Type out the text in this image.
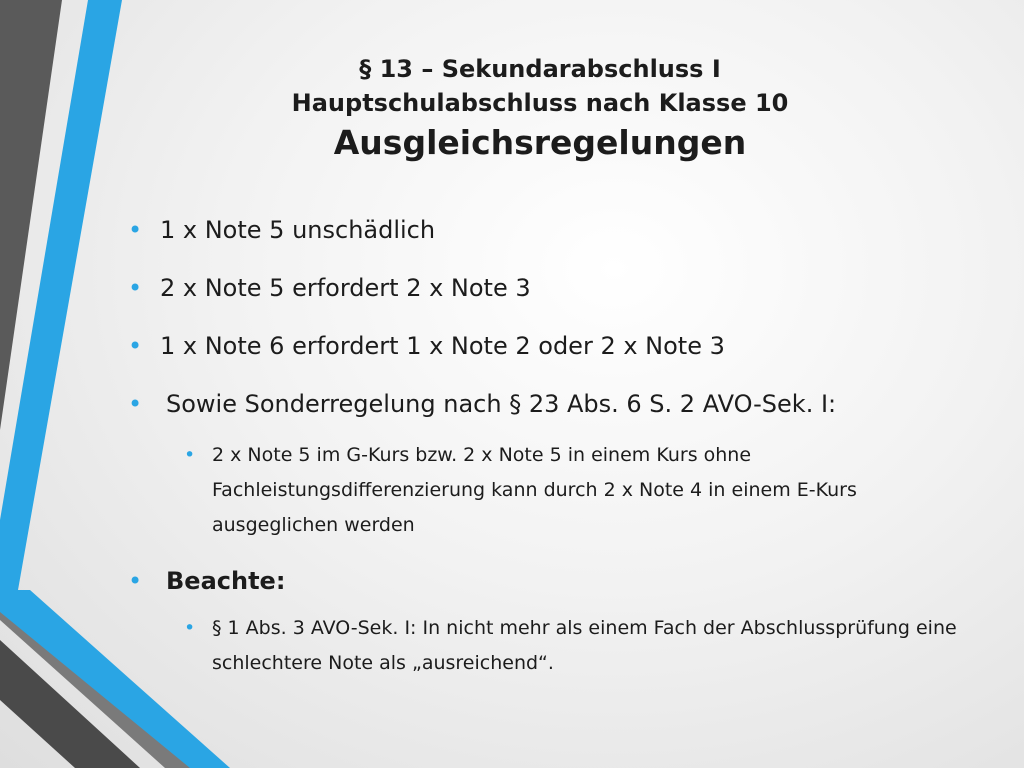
§ 13 – Sekundarabschluss I
Hauptschulabschluss nach Klasse 10
Ausgleichsregelungen
• 1 x Note 5 unschädlich
• 2 x Note 5 erfordert 2 x Note 3
• 1 x Note 6 erfordert 1 x Note 2 oder 2 x Note 3
• Sowie Sonderregelung nach § 23 Abs. 6 S. 2 AVO-Sek. I:
• 2 x Note 5 im G-Kurs bzw. 2 x Note 5 in einem Kurs ohne Fachleistungsdifferenzierung kann durch 2 x Note 4 in einem E-Kurs ausgeglichen werden
• Beachte:
• § 1 Abs. 3 AVO-Sek. I: In nicht mehr als einem Fach der Abschlussprüfung eine schlechtere Note als „ausreichend“.
